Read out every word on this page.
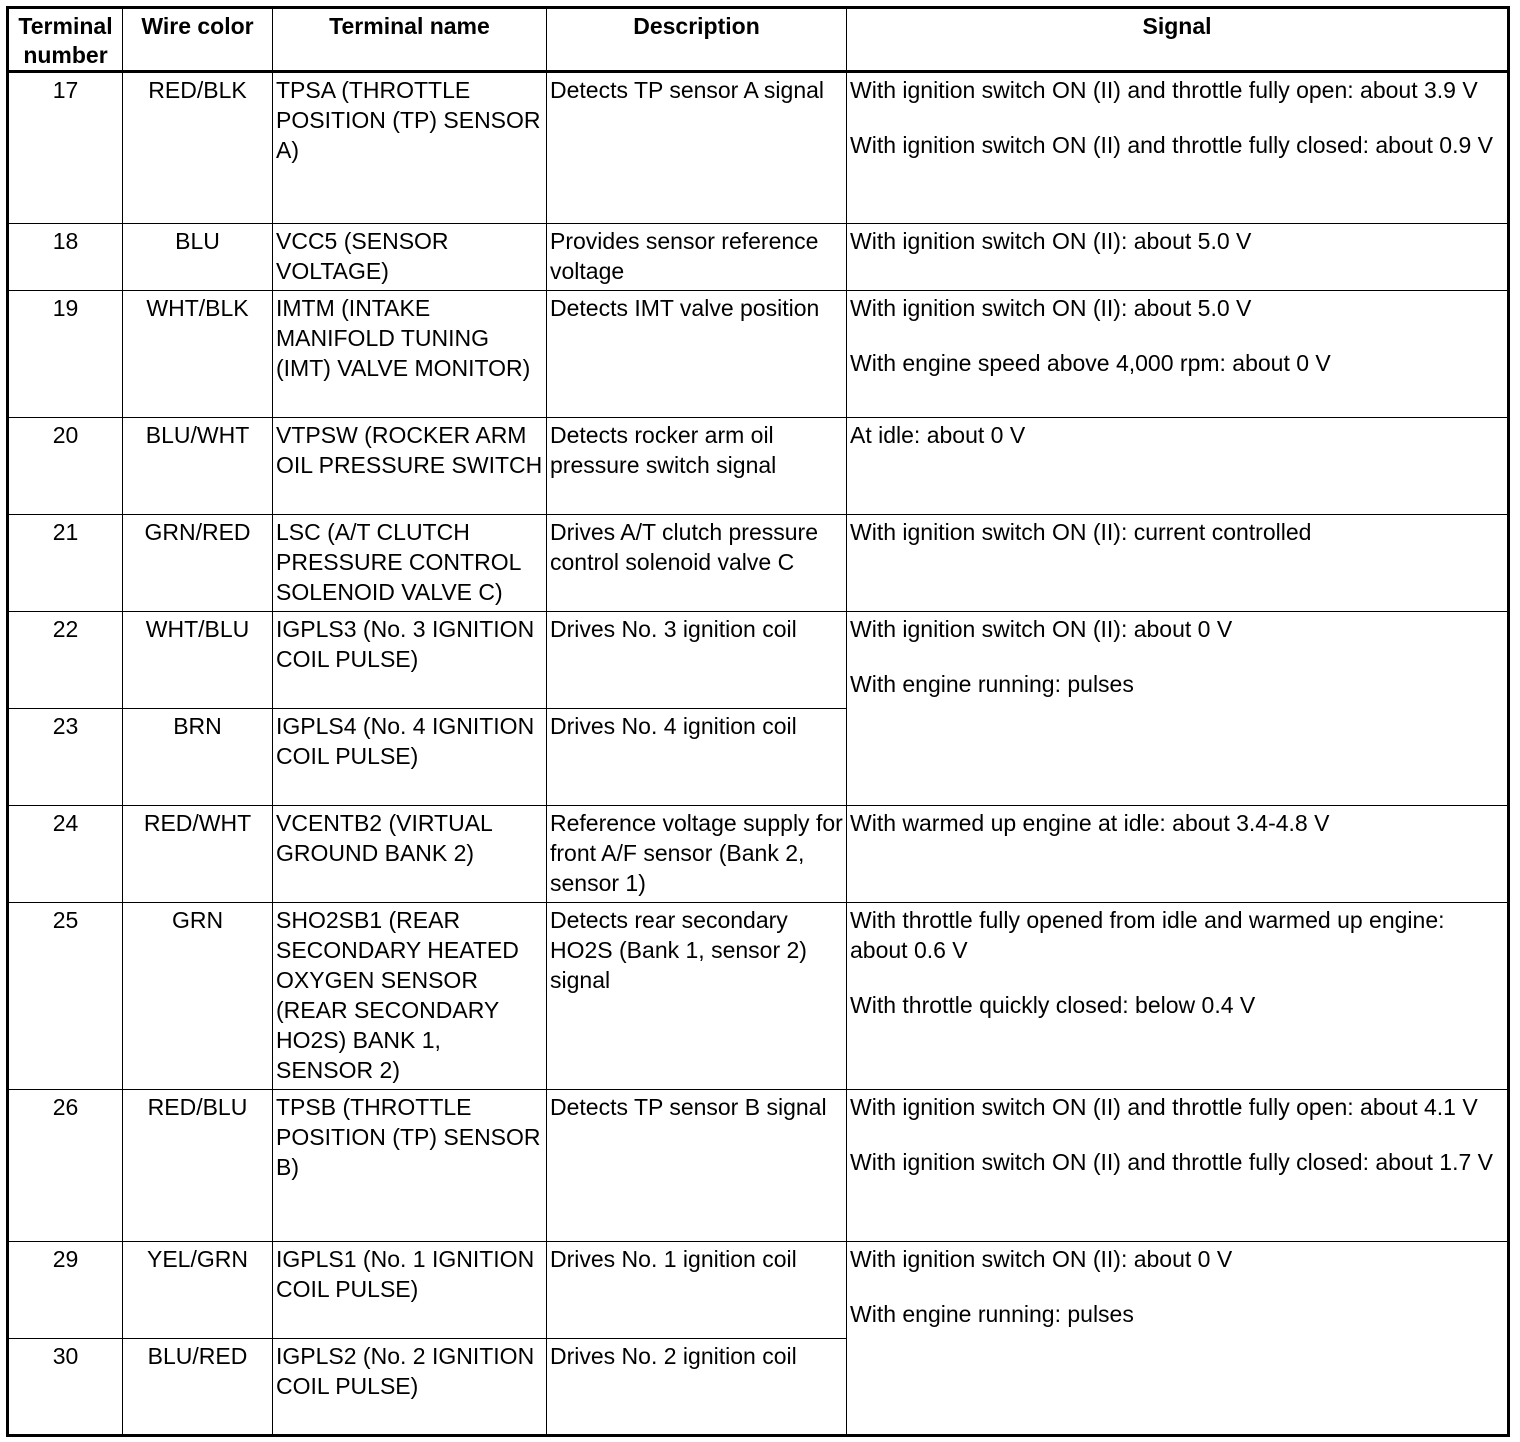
Terminal
number	Wire color	Terminal name	Description	Signal
17	RED/BLK	TPSA (THROTTLE POSITION (TP) SENSOR A)	Detects TP sensor A signal	With ignition switch ON (II) and throttle fully open: about 3.9 V
With ignition switch ON (II) and throttle fully closed: about 0.9 V

18	BLU	VCC5 (SENSOR VOLTAGE)	Provides sensor reference voltage	With ignition switch ON (II): about 5.0 V

19	WHT/BLK	IMTM (INTAKE MANIFOLD TUNING (IMT) VALVE MONITOR)	Detects IMT valve position	With ignition switch ON (II): about 5.0 V
With engine speed above 4,000 rpm: about 0 V

20	BLU/WHT	VTPSW (ROCKER ARM OIL PRESSURE SWITCH	Detects rocker arm oil pressure switch signal	At idle: about 0 V

21	GRN/RED	LSC (A/T CLUTCH PRESSURE CONTROL SOLENOID VALVE C)	Drives A/T clutch pressure control solenoid valve C	With ignition switch ON (II): current controlled

22	WHT/BLU	IGPLS3 (No. 3 IGNITION COIL PULSE)	Drives No. 3 ignition coil	With ignition switch ON (II): about 0 V
With engine running: pulses

23	BRN	IGPLS4 (No. 4 IGNITION COIL PULSE)	Drives No. 4 ignition coil	
24	RED/WHT	VCENTB2 (VIRTUAL GROUND BANK 2)	Reference voltage supply for front A/F sensor (Bank 2, sensor 1)	With warmed up engine at idle: about 3.4-4.8 V

25	GRN	SHO2SB1 (REAR SECONDARY HEATED OXYGEN SENSOR (REAR SECONDARY HO2S) BANK 1, SENSOR 2)	Detects rear secondary HO2S (Bank 1, sensor 2) signal	With throttle fully opened from idle and warmed up engine: about 0.6 V
With throttle quickly closed: below 0.4 V

26	RED/BLU	TPSB (THROTTLE POSITION (TP) SENSOR B)	Detects TP sensor B signal	With ignition switch ON (II) and throttle fully open: about 4.1 V
With ignition switch ON (II) and throttle fully closed: about 1.7 V

29	YEL/GRN	IGPLS1 (No. 1 IGNITION COIL PULSE)	Drives No. 1 ignition coil	With ignition switch ON (II): about 0 V
With engine running: pulses

30	BLU/RED	IGPLS2 (No. 2 IGNITION COIL PULSE)	Drives No. 2 ignition coil	
